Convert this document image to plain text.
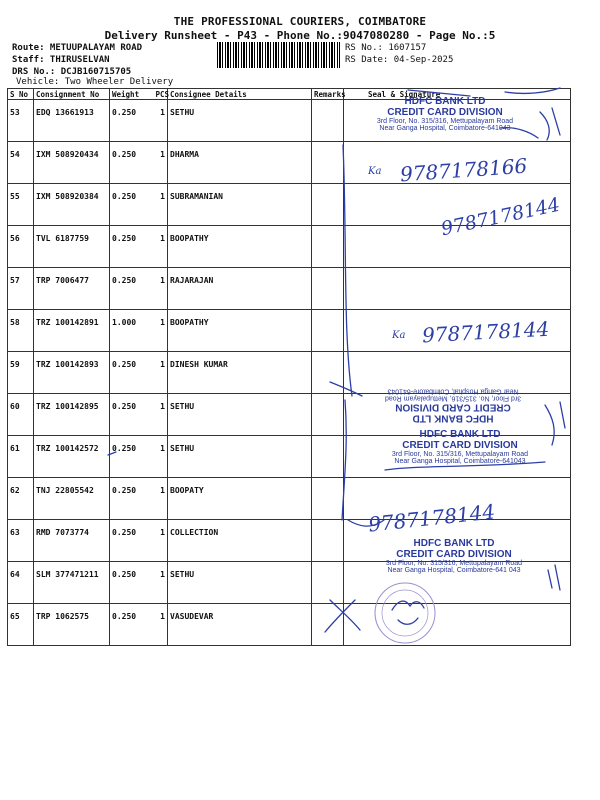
THE PROFESSIONAL COURIERS, COIMBATORE
Delivery Runsheet - P43 - Phone No.:9047080280 - Page No.:5
Route: METUUPALAYAM ROAD
Staff: THIRUSELVAN
DRS No.: DCJB160715705
Vehicle: Two Wheeler Delivery
RS No.: 1607157
RS Date: 04-Sep-2025
S No	Consignment No	Weight	PCS	Consignee Details	Remarks	Seal & Signature
53	EDQ 13661913	0.250	1	SETHU		
54	IXM 508920434	0.250	1	DHARMA		
55	IXM 508920384	0.250	1	SUBRAMANIAN		
56	TVL 6187759	0.250	1	BOOPATHY		
57	TRP 7006477	0.250	1	RAJARAJAN		
58	TRZ 100142891	1.000	1	BOOPATHY		
59	TRZ 100142893	0.250	1	DINESH KUMAR		
60	TRZ 100142895	0.250	1	SETHU		
61	TRZ 100142572	0.250	1	SETHU		
62	TNJ 22805542	0.250	1	BOOPATY		
63	RMD 7073774	0.250	1	COLLECTION		
64	SLM 377471211	0.250	1	SETHU		
65	TRP 1062575	0.250	1	VASUDEVAR		
HDFC BANK LTD
CREDIT CARD DIVISION
3rd Floor, No. 315/316, Mettupalayam Road
Near Ganga Hospital, Coimbatore-641043
HDFC BANK LTD
CREDIT CARD DIVISION
3rd Floor, No. 315/316, Mettupalayam Road
Near Ganga Hospital, Coimbatore-641043
HDFC BANK LTD
CREDIT CARD DIVISION
3rd Floor, No. 315/316, Mettupalayam Road
Near Ganga Hospital, Coimbatore-641043
HDFC BANK LTD
CREDIT CARD DIVISION
3rd Floor, No. 315/316, Mettupalayam Road
Near Ganga Hospital, Coimbatore-641 043
Ka 9787178166
9787178144
Ka 9787178144
9787178144
